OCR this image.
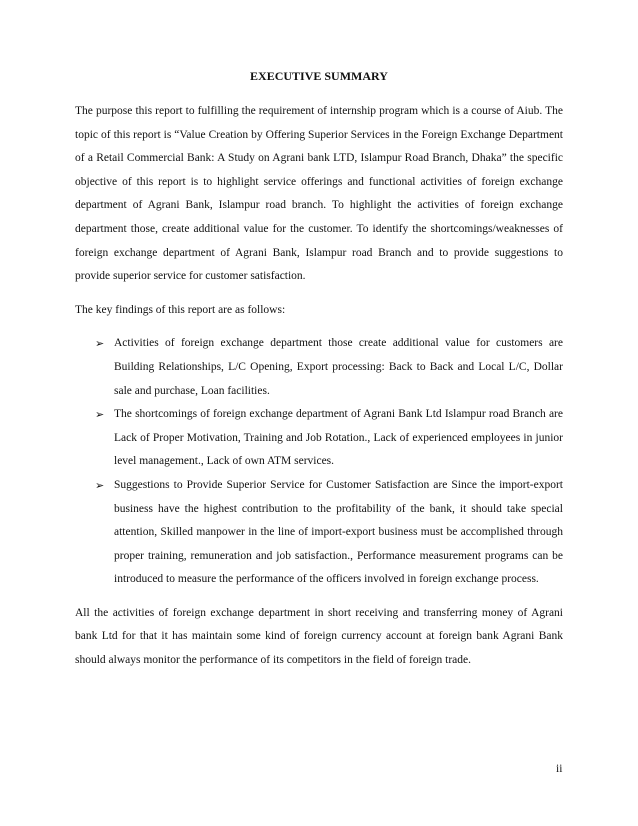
EXECUTIVE SUMMARY

The purpose this report to fulfilling the requirement of internship program which is a course of Aiub. The topic of this report is “Value Creation by Offering Superior Services in the Foreign Exchange Department of a Retail Commercial Bank: A Study on Agrani bank LTD, Islampur Road Branch, Dhaka” the specific objective of this report is to highlight service offerings and functional activities of foreign exchange department of Agrani Bank, Islampur road branch. To highlight the activities of foreign exchange department those, create additional value for the customer. To identify the shortcomings/weaknesses of foreign exchange department of Agrani Bank, Islampur road Branch and to provide suggestions to provide superior service for customer satisfaction.

The key findings of this report are as follows:

➢ Activities of foreign exchange department those create additional value for customers are Building Relationships, L/C Opening, Export processing: Back to Back and Local L/C, Dollar sale and purchase, Loan facilities.
➢ The shortcomings of foreign exchange department of Agrani Bank Ltd Islampur road Branch are Lack of Proper Motivation, Training and Job Rotation., Lack of experienced employees in junior level management., Lack of own ATM services.
➢ Suggestions to Provide Superior Service for Customer Satisfaction are Since the import-export business have the highest contribution to the profitability of the bank, it should take special attention, Skilled manpower in the line of import-export business must be accomplished through proper training, remuneration and job satisfaction., Performance measurement programs can be introduced to measure the performance of the officers involved in foreign exchange process.

All the activities of foreign exchange department in short receiving and transferring money of Agrani bank Ltd for that it has maintain some kind of foreign currency account at foreign bank Agrani Bank should always monitor the performance of its competitors in the field of foreign trade.

ii
